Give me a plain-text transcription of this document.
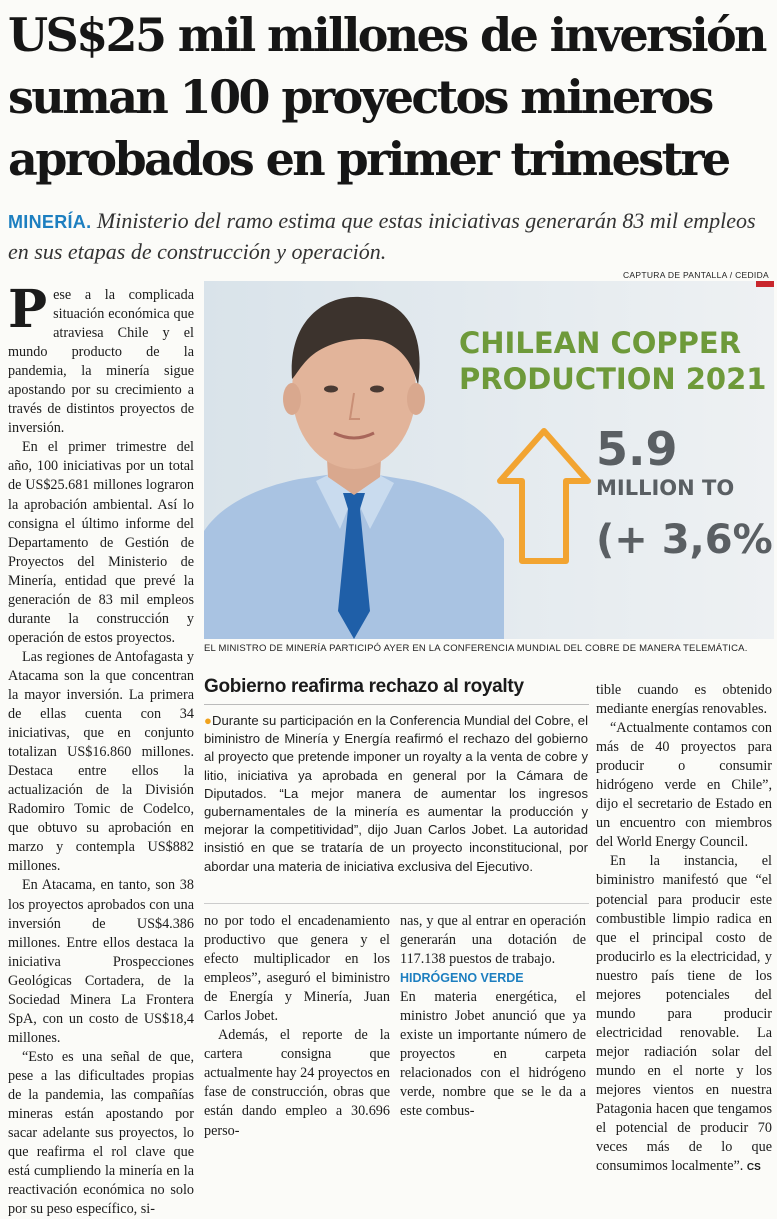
US$25 mil millones de inversión
suman 100 proyectos mineros
aprobados en primer trimestre
MINERÍA. Ministerio del ramo estima que estas iniciativas generarán 83 mil empleos en sus etapas de construcción y operación.
CAPTURA DE PANTALLA / CEDIDA
CHILEAN COPPER
PRODUCTION 2021
5.9
MILLION TO
(+ 3,6%
EL MINISTRO DE MINERÍA PARTICIPÓ AYER EN LA CONFERENCIA MUNDIAL DEL COBRE DE MANERA TELEMÁTICA.

Pese a la complicada situación económica que atraviesa Chile y el mundo producto de la pandemia, la minería sigue apostando por su crecimiento a través de distintos proyectos de inversión.

En el primer trimestre del año, 100 iniciativas por un total de US$25.681 millones lograron la aprobación ambiental. Así lo consigna el último informe del Departamento de Gestión de Proyectos del Ministerio de Minería, entidad que prevé la generación de 83 mil empleos durante la construcción y operación de estos proyectos.

Las regiones de Antofagasta y Atacama son la que concentran la mayor inversión. La primera de ellas cuenta con 34 iniciativas, que en conjunto totalizan US$16.860 millones. Destaca entre ellos la actualización de la División Radomiro Tomic de Codelco, que obtuvo su aprobación en marzo y contempla US$882 millones.

En Atacama, en tanto, son 38 los proyectos aprobados con una inversión de US$4.386 millones. Entre ellos destaca la iniciativa Prospecciones Geológicas Cortadera, de la Sociedad Minera La Frontera SpA, con un costo de US$18,4 millones.

“Esto es una señal de que, pese a las dificultades propias de la pandemia, las compañías mineras están apostando por sacar adelante sus proyectos, lo que reafirma el rol clave que está cumpliendo la minería en la reactivación económica no solo por su peso específico, si-

Gobierno reafirma rechazo al royalty
●Durante su participación en la Conferencia Mundial del Cobre, el biministro de Minería y Energía reafirmó el rechazo del gobierno al proyecto que pretende imponer un royalty a la venta de cobre y litio, iniciativa ya aprobada en general por la Cámara de Diputados. “La mejor manera de aumentar los ingresos gubernamentales de la minería es aumentar la producción y mejorar la competitividad”, dijo Juan Carlos Jobet. La autoridad insistió en que se trataría de un proyecto inconstitucional, por abordar una materia de iniciativa exclusiva del Ejecutivo.

no por todo el encadenamiento productivo que genera y el efecto multiplicador en los empleos”, aseguró el biministro de Energía y Minería, Juan Carlos Jobet.

Además, el reporte de la cartera consigna que actualmente hay 24 proyectos en fase de construcción, obras que están dando empleo a 30.696 perso-

nas, y que al entrar en operación generarán una dotación de 117.138 puestos de trabajo.

HIDRÓGENO VERDE

En materia energética, el ministro Jobet anunció que ya existe un importante número de proyectos en carpeta relacionados con el hidrógeno verde, nombre que se le da a este combus-

tible cuando es obtenido mediante energías renovables.

“Actualmente contamos con más de 40 proyectos para producir o consumir hidrógeno verde en Chile”, dijo el secretario de Estado en un encuentro con miembros del World Energy Council.

En la instancia, el biministro manifestó que “el potencial para producir este combustible limpio radica en que el principal costo de producirlo es la electricidad, y nuestro país tiene de los mejores potenciales del mundo para producir electricidad renovable. La mejor radiación solar del mundo en el norte y los mejores vientos en nuestra Patagonia hacen que tengamos el potencial de producir 70 veces más de lo que consumimos localmente”. CS
